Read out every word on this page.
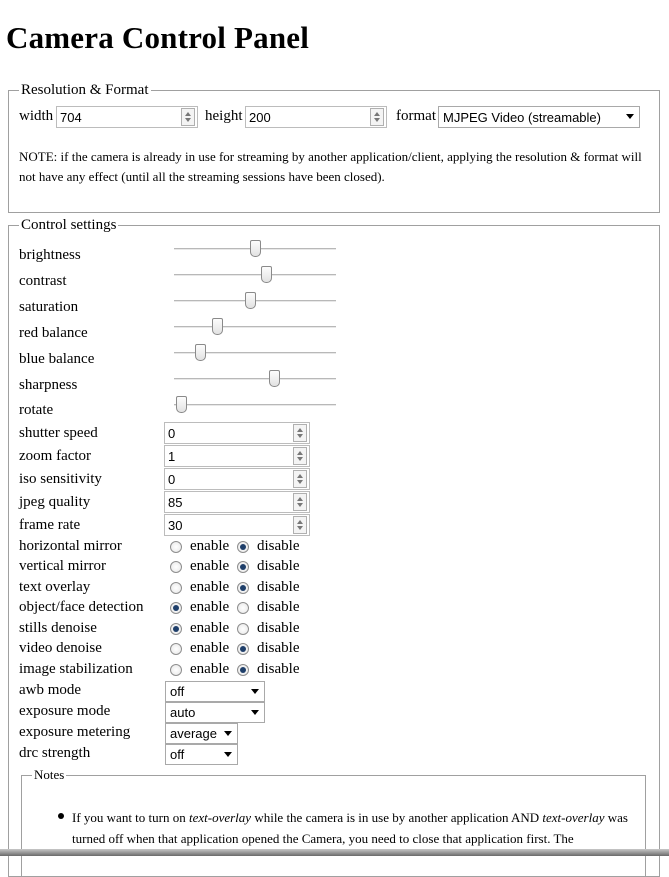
Camera Control Panel
Resolution & Format
width 704	height 200	format MJPEG Video (streamable)
NOTE: if the camera is already in use for streaming by another application/client, applying the resolution & format will not have any effect (until all the streaming sessions have been closed).
Control settings
Notes
If you want to turn on text-overlay while the camera is in use by another application AND text-overlay was turned off when that application opened the Camera, you need to close that application first. The
brightness
contrast
saturation
red balance
blue balance
sharpness
rotate
shutter speed	0
zoom factor	1
iso sensitivity	0
jpeg quality	85
frame rate	30
horizontal mirror	enable disable
vertical mirror	enable disable
text overlay	enable disable
object/face detection	enable disable
stills denoise	enable disable
video denoise	enable disable
image stabilization	enable disable
awb mode	off
exposure mode	auto
exposure metering	average
drc strength	off
